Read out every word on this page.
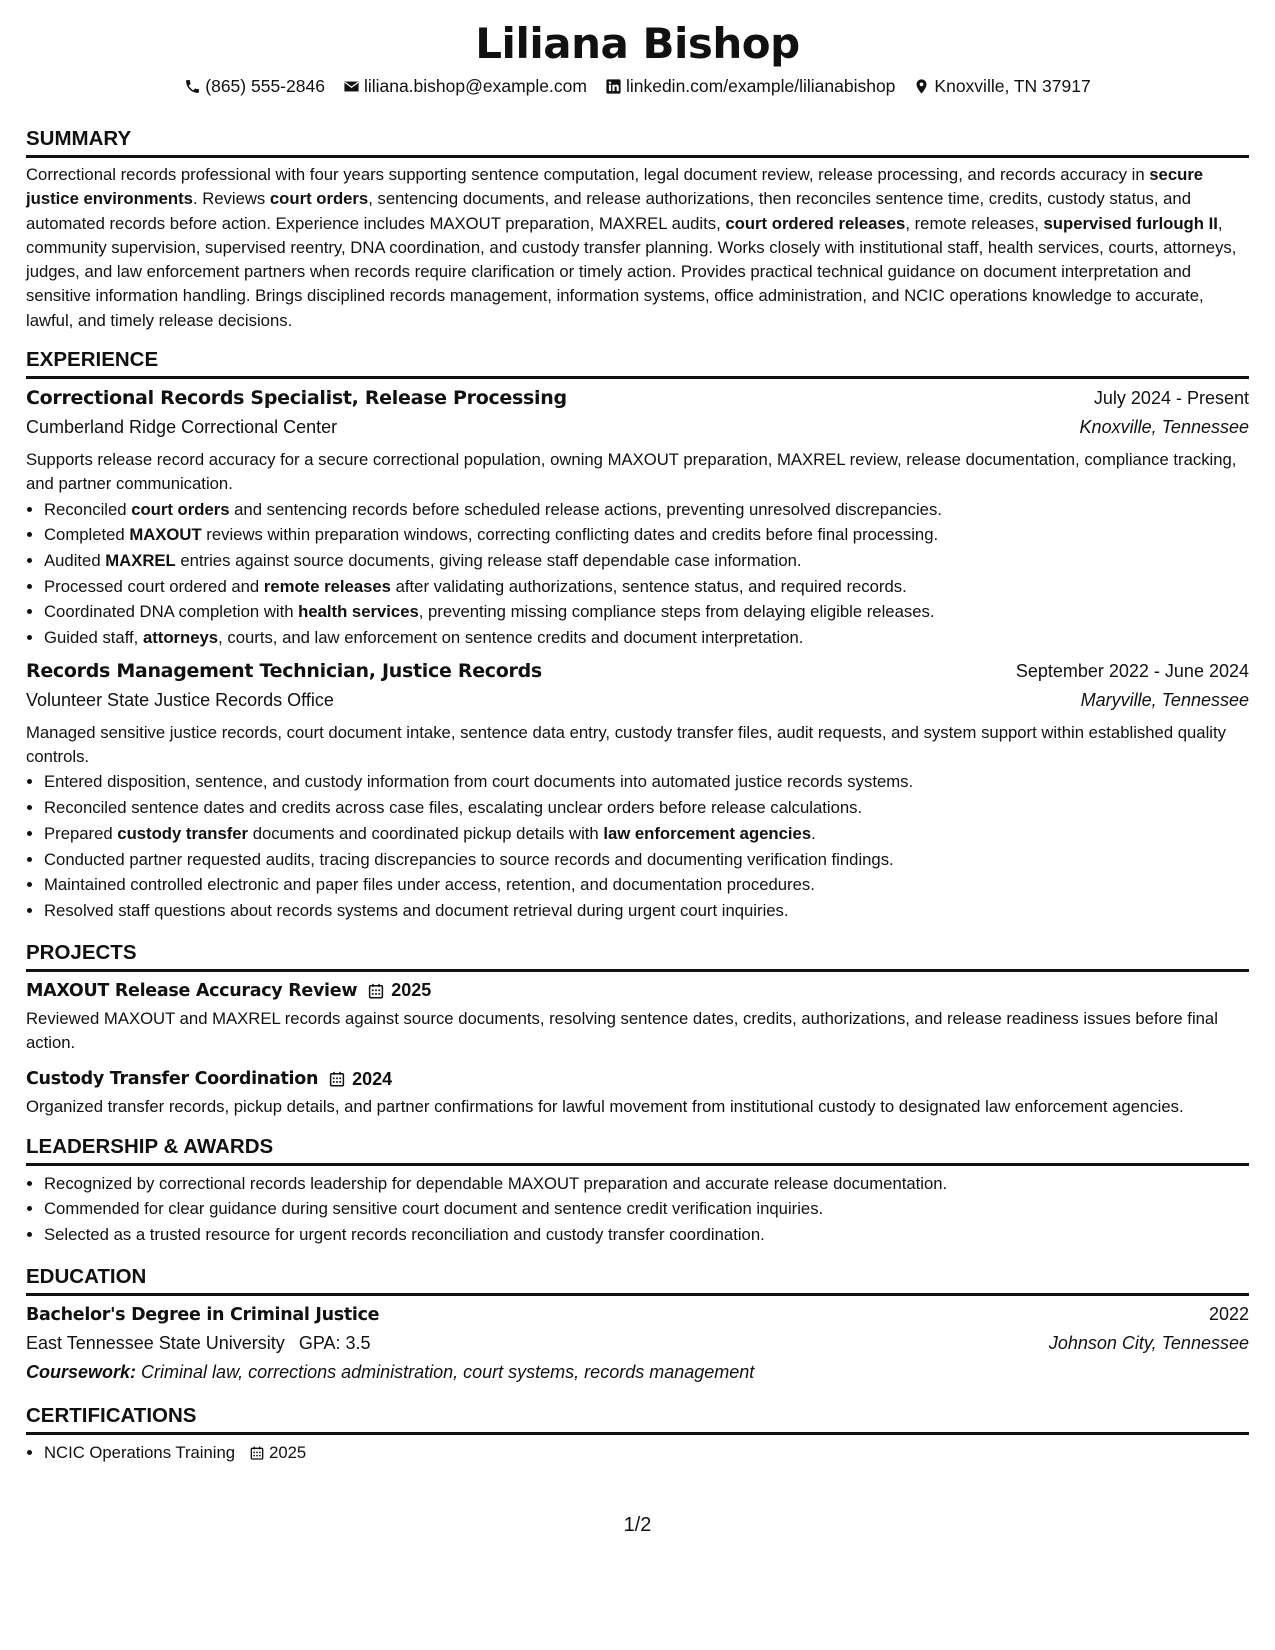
Liliana Bishop
(865) 555-2846 liliana.bishop@example.com linkedin.com/example/lilianabishop Knoxville, TN 37917
SUMMARY

Correctional records professional with four years supporting sentence computation, legal document review, release processing, and records accuracy in secure justice environments. Reviews court orders, sentencing documents, and release authorizations, then reconciles sentence time, credits, custody status, and automated records before action. Experience includes MAXOUT preparation, MAXREL audits, court ordered releases, remote releases, supervised furlough II, community supervision, supervised reentry, DNA coordination, and custody transfer planning. Works closely with institutional staff, health services, courts, attorneys, judges, and law enforcement partners when records require clarification or timely action. Provides practical technical guidance on document interpretation and sensitive information handling. Brings disciplined records management, information systems, office administration, and NCIC operations knowledge to accurate, lawful, and timely release decisions.

EXPERIENCE
Correctional Records Specialist, Release Processing	July 2024 - Present
Cumberland Ridge Correctional Center	Knoxville, Tennessee

Supports release record accuracy for a secure correctional population, owning MAXOUT preparation, MAXREL review, release documentation, compliance tracking, and partner communication.

• Reconciled court orders and sentencing records before scheduled release actions, preventing unresolved discrepancies.
• Completed MAXOUT reviews within preparation windows, correcting conflicting dates and credits before final processing.
• Audited MAXREL entries against source documents, giving release staff dependable case information.
• Processed court ordered and remote releases after validating authorizations, sentence status, and required records.
• Coordinated DNA completion with health services, preventing missing compliance steps from delaying eligible releases.
• Guided staff, attorneys, courts, and law enforcement on sentence credits and document interpretation.
Records Management Technician, Justice Records	September 2022 - June 2024
Volunteer State Justice Records Office	Maryville, Tennessee

Managed sensitive justice records, court document intake, sentence data entry, custody transfer files, audit requests, and system support within established quality controls.

• Entered disposition, sentence, and custody information from court documents into automated justice records systems.
• Reconciled sentence dates and credits across case files, escalating unclear orders before release calculations.
• Prepared custody transfer documents and coordinated pickup details with law enforcement agencies.
• Conducted partner requested audits, tracing discrepancies to source records and documenting verification findings.
• Maintained controlled electronic and paper files under access, retention, and documentation procedures.
• Resolved staff questions about records systems and document retrieval during urgent court inquiries.
PROJECTS
MAXOUT Release Accuracy Review 2025

Reviewed MAXOUT and MAXREL records against source documents, resolving sentence dates, credits, authorizations, and release readiness issues before final action.

Custody Transfer Coordination 2024

Organized transfer records, pickup details, and partner confirmations for lawful movement from institutional custody to designated law enforcement agencies.

LEADERSHIP & AWARDS
• Recognized by correctional records leadership for dependable MAXOUT preparation and accurate release documentation.
• Commended for clear guidance during sensitive court document and sentence credit verification inquiries.
• Selected as a trusted resource for urgent records reconciliation and custody transfer coordination.
EDUCATION
Bachelor's Degree in Criminal Justice	2022
East Tennessee State University GPA: 3.5	Johnson City, Tennessee
Coursework: Criminal law, corrections administration, court systems, records management
CERTIFICATIONS
• NCIC Operations Training 2025
1/2
